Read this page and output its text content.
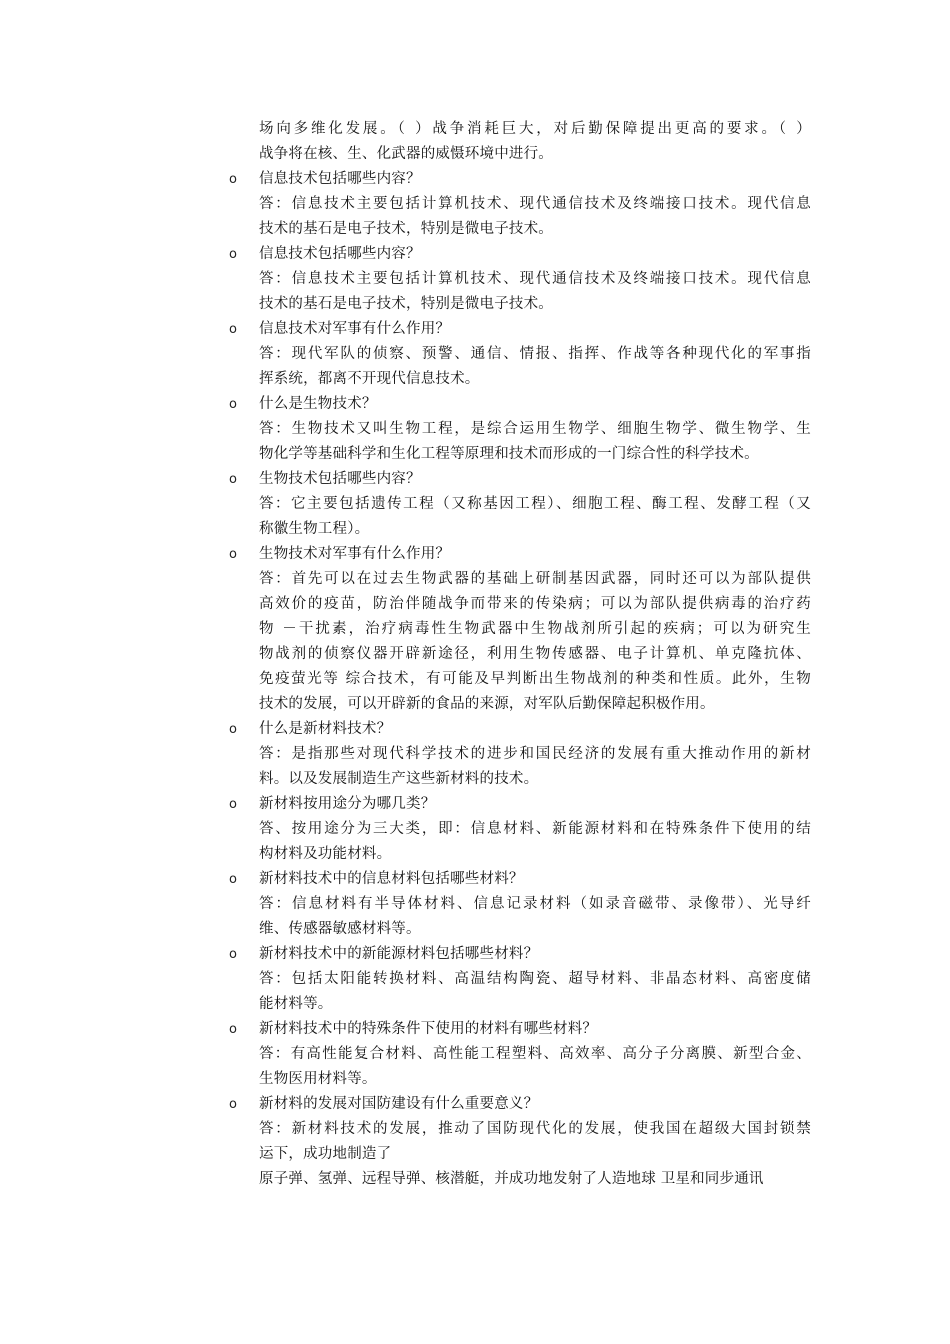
场向多维化发展。（ ）战争消耗巨大，对后勤保障提出更高的要求。（ ）
战争将在核、生、化武器的威慑环境中进行。
o 信息技术包括哪些内容？
答：信息技术主要包括计算机技术、现代通信技术及终端接口技术。现代信息
技术的基石是电子技术，特别是微电子技术。
o 信息技术包括哪些内容？
答：信息技术主要包括计算机技术、现代通信技术及终端接口技术。现代信息
技术的基石是电子技术，特别是微电子技术。
o 信息技术对军事有什么作用？
答：现代军队的侦察、预警、通信、情报、指挥、作战等各种现代化的军事指
挥系统，都离不开现代信息技术。
o 什么是生物技术？
答：生物技术又叫生物工程，是综合运用生物学、细胞生物学、微生物学、生
物化学等基础科学和生化工程等原理和技术而形成的一门综合性的科学技术。
o 生物技术包括哪些内容？
答：它主要包括遗传工程（又称基因工程）、细胞工程、酶工程、发酵工程（又
称徽生物工程）。
o 生物技术对军事有什么作用？
答：首先可以在过去生物武器的基础上研制基因武器，同时还可以为部队提供
高效价的疫苗，防治伴随战争而带来的传染病；可以为部队提供病毒的治疗药
物 －干扰素，治疗病毒性生物武器中生物战剂所引起的疾病；可以为研究生
物战剂的侦察仪器开辟新途径，利用生物传感器、电子计算机、单克隆抗体、
免疫萤光等 综合技术，有可能及早判断出生物战剂的种类和性质。此外，生物
技术的发展，可以开辟新的食品的来源，对军队后勤保障起积极作用。
o 什么是新材料技术？
答：是指那些对现代科学技术的进步和国民经济的发展有重大推动作用的新材
料。以及发展制造生产这些新材料的技术。
o 新材料按用途分为哪几类？
答、按用途分为三大类，即：信息材料、新能源材料和在特殊条件下使用的结
构材料及功能材料。
o 新材料技术中的信息材料包括哪些材料？
答：信息材料有半导体材料、信息记录材料（如录音磁带、录像带）、光导纤
维、传感器敏感材料等。
o 新材料技术中的新能源材料包括哪些材料？
答：包括太阳能转换材料、高温结构陶瓷、超导材料、非晶态材料、高密度储
能材料等。
o 新材料技术中的特殊条件下使用的材料有哪些材料？
答：有高性能复合材料、高性能工程塑料、高效率、高分子分离膜、新型合金、
生物医用材料等。
o 新材料的发展对国防建设有什么重要意义？
答：新材料技术的发展，推动了国防现代化的发展，使我国在超级大国封锁禁
运下，成功地制造了
原子弹、氢弹、远程导弹、核潜艇，并成功地发射了人造地球 卫星和同步通讯
